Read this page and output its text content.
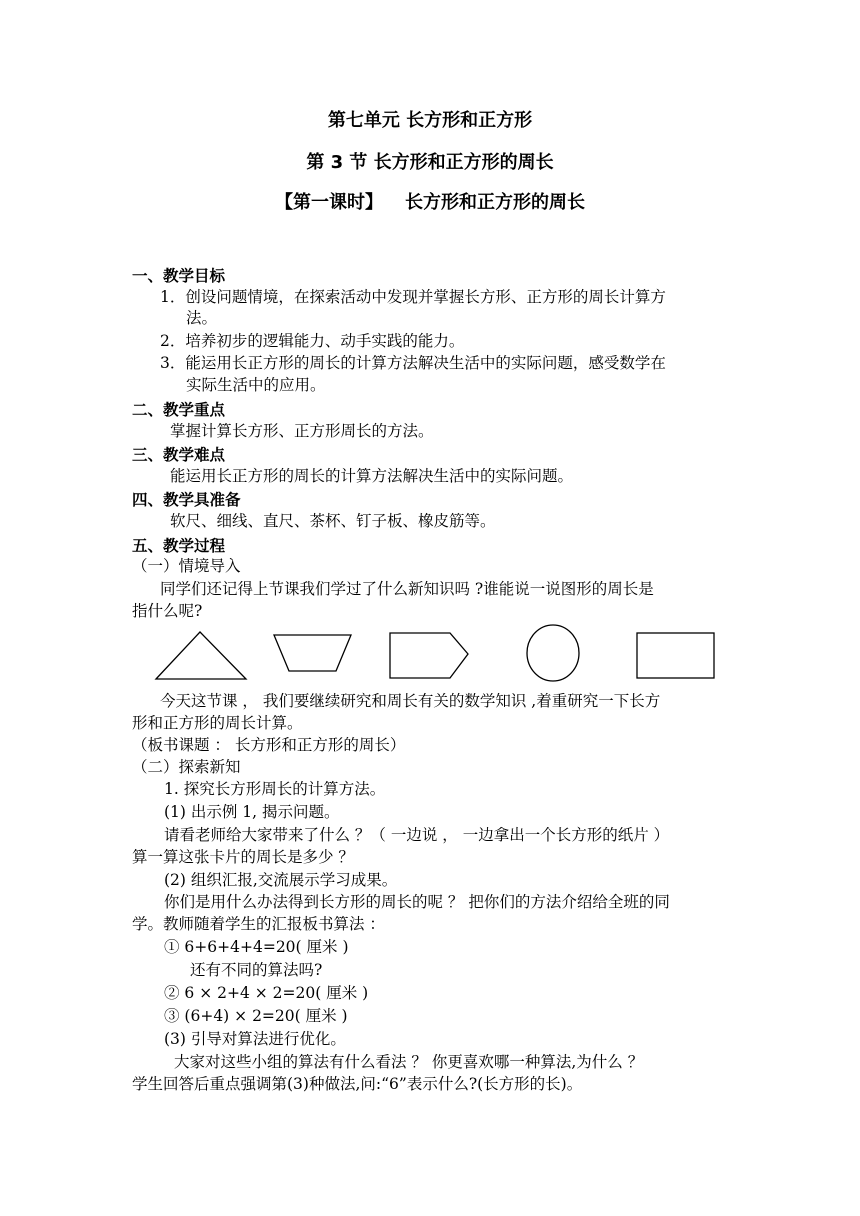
第七单元 长方形和正方形
第 3 节 长方形和正方形的周长
【第一课时】 长方形和正方形的周长
一、教学目标
1．创设问题情境，在探索活动中发现并掌握长方形、正方形的周长计算方
法。
2．培养初步的逻辑能力、动手实践的能力。
3．能运用长正方形的周长的计算方法解决生活中的实际问题，感受数学在
实际生活中的应用。
二、教学重点
掌握计算长方形、正方形周长的方法。
三、教学难点
能运用长正方形的周长的计算方法解决生活中的实际问题。
四、教学具准备
软尺、细线、直尺、茶杯、钉子板、橡皮筋等。
五、教学过程
（一）情境导入
同学们还记得上节课我们学过了什么新知识吗 ?谁能说一说图形的周长是
指什么呢?
今天这节课 ， 我们要继续研究和周长有关的数学知识 ,着重研究一下长方
形和正方形的周长计算。
（板书课题 ： 长方形和正方形的周长）
（二）探索新知
1. 探究长方形周长的计算方法。
(1) 出示例 1, 揭示问题。
请看老师给大家带来了什么 ？（ 一边说 ， 一边拿出一个长方形的纸片 ）
算一算这张卡片的周长是多少 ？
(2) 组织汇报,交流展示学习成果。
你们是用什么办法得到长方形的周长的呢 ？ 把你们的方法介绍给全班的同
学。教师随着学生的汇报板书算法 ：
① 6+6+4+4=20( 厘米 )
还有不同的算法吗?
② 6 × 2+4 × 2=20( 厘米 )
③ (6+4) × 2=20( 厘米 )
(3) 引导对算法进行优化。
大家对这些小组的算法有什么看法 ？ 你更喜欢哪一种算法,为什么 ？
学生回答后重点强调第(3)种做法,问:“6”表示什么?(长方形的长)。
